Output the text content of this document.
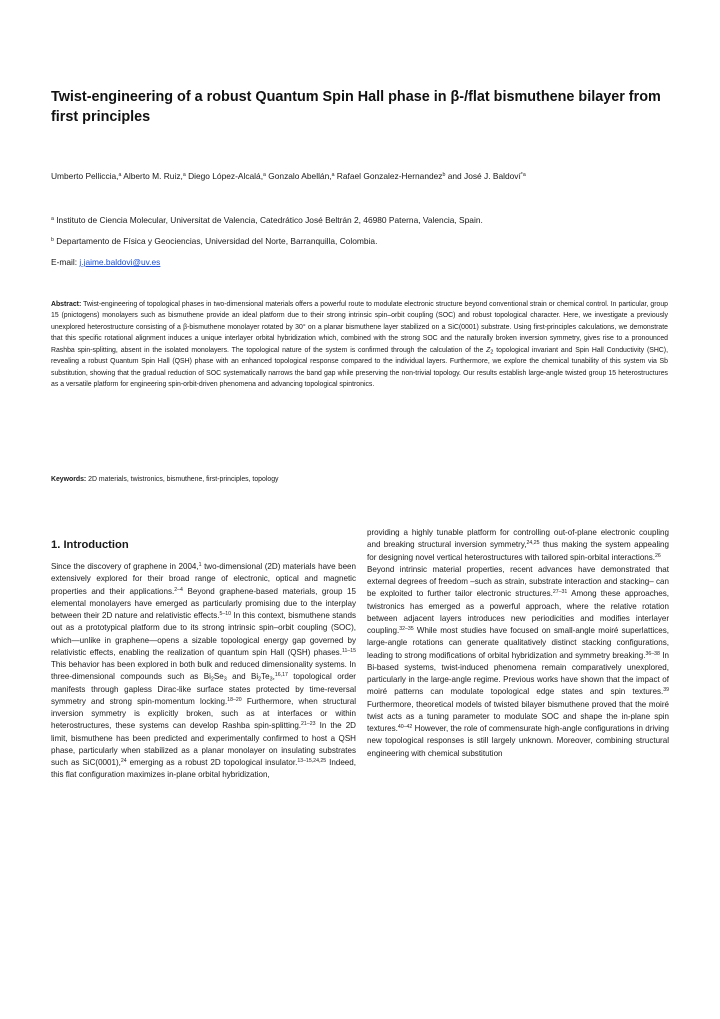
Twist-engineering of a robust Quantum Spin Hall phase in β-/flat bismuthene bilayer from first principles
Umberto Pelliccia,$^a$ Alberto M. Ruiz,$^a$ Diego López-Alcalá,$^a$ Gonzalo Abellán,$^a$ Rafael Gonzalez-Hernandez$^b$ and José J. Baldoví$^{*a}$
$^a$ Instituto de Ciencia Molecular, Universitat de Valencia, Catedrático José Beltrán 2, 46980 Paterna, Valencia, Spain.
$^b$ Departamento de Física y Geociencias, Universidad del Norte, Barranquilla, Colombia.
E-mail: j.jaime.baldovi@uv.es
Abstract: Twist-engineering of topological phases in two-dimensional materials offers a powerful route to modulate electronic structure beyond conventional strain or chemical control. In particular, group 15 (pnictogens) monolayers such as bismuthene provide an ideal platform due to their strong intrinsic spin–orbit coupling (SOC) and robust topological character. Here, we investigate a previously unexplored heterostructure consisting of a β-bismuthene monolayer rotated by 30° on a planar bismuthene layer stabilized on a SiC(0001) substrate. Using first-principles calculations, we demonstrate that this specific rotational alignment induces a unique interlayer orbital hybridization which, combined with the strong SOC and the naturally broken inversion symmetry, gives rise to a pronounced Rashba spin-splitting, absent in the isolated monolayers. The topological nature of the system is confirmed through the calculation of the $Z_2$ topological invariant and Spin Hall Conductivity (SHC), revealing a robust Quantum Spin Hall (QSH) phase with an enhanced topological response compared to the individual layers. Furthermore, we explore the chemical tunability of this system via Sb substitution, showing that the gradual reduction of SOC systematically narrows the band gap while preserving the non-trivial topology. Our results establish large-angle twisted group 15 heterostructures as a versatile platform for engineering spin-orbit-driven phenomena and advancing topological spintronics.
Keywords: 2D materials, twistronics, bismuthene, first-principles, topology
1. Introduction
Since the discovery of graphene in 2004,$^1$ two-dimensional (2D) materials have been extensively explored for their broad range of electronic, optical and magnetic properties and their applications.$^{2-4}$ Beyond graphene-based materials, group 15 elemental monolayers have emerged as particularly promising due to the interplay between their 2D nature and relativistic effects.$^{5-10}$ In this context, bismuthene stands out as a prototypical platform due to its strong intrinsic spin–orbit coupling (SOC), which—unlike in graphene—opens a sizable topological energy gap governed by relativistic effects, enabling the realization of quantum spin Hall (QSH) phases.$^{11-15}$ This behavior has been explored in both bulk and reduced dimensionality systems. In three-dimensional compounds such as $Bi_2Se_3$ and $Bi_2Te_3,^{16,17}$ topological order manifests through gapless Dirac-like surface states protected by time-reversal symmetry and strong spin-momentum locking.$^{18-20}$ Furthermore, when structural inversion symmetry is explicitly broken, such as at interfaces or within heterostructures, these systems can develop Rashba spin-splitting.$^{21-23}$ In the 2D limit, bismuthene has been predicted and experimentally confirmed to host a QSH phase, particularly when stabilized as a planar monolayer on insulating substrates such as SiC(0001),$^{24}$ emerging as a robust 2D topological insulator.$^{13-15,24,25}$ Indeed, this flat configuration maximizes in-plane orbital hybridization,
providing a highly tunable platform for controlling out-of-plane electronic coupling and breaking structural inversion symmetry,$^{24,25}$ thus making the system appealing for designing novel vertical heterostructures with tailored spin-orbital interactions.$^{26}$
Beyond intrinsic material properties, recent advances have demonstrated that external degrees of freedom –such as strain, substrate interaction and stacking– can be exploited to further tailor electronic structures.$^{27-31}$ Among these approaches, twistronics has emerged as a powerful approach, where the relative rotation between adjacent layers introduces new periodicities and modifies interlayer coupling.$^{32-35}$ While most studies have focused on small-angle moiré superlattices, large-angle rotations can generate qualitatively distinct stacking configurations, leading to strong modifications of orbital hybridization and symmetry breaking.$^{36-38}$ In Bi-based systems, twist-induced phenomena remain comparatively unexplored, particularly in the large-angle regime. Previous works have shown that the impact of moiré patterns can modulate topological edge states and spin textures.$^{39}$ Furthermore, theoretical models of twisted bilayer bismuthene proved that the moiré twist acts as a tuning parameter to modulate SOC and shape the in-plane spin textures.$^{40-42}$ However, the role of commensurate high-angle configurations in driving new topological responses is still largely unknown. Moreover, combining structural engineering with chemical substitution
